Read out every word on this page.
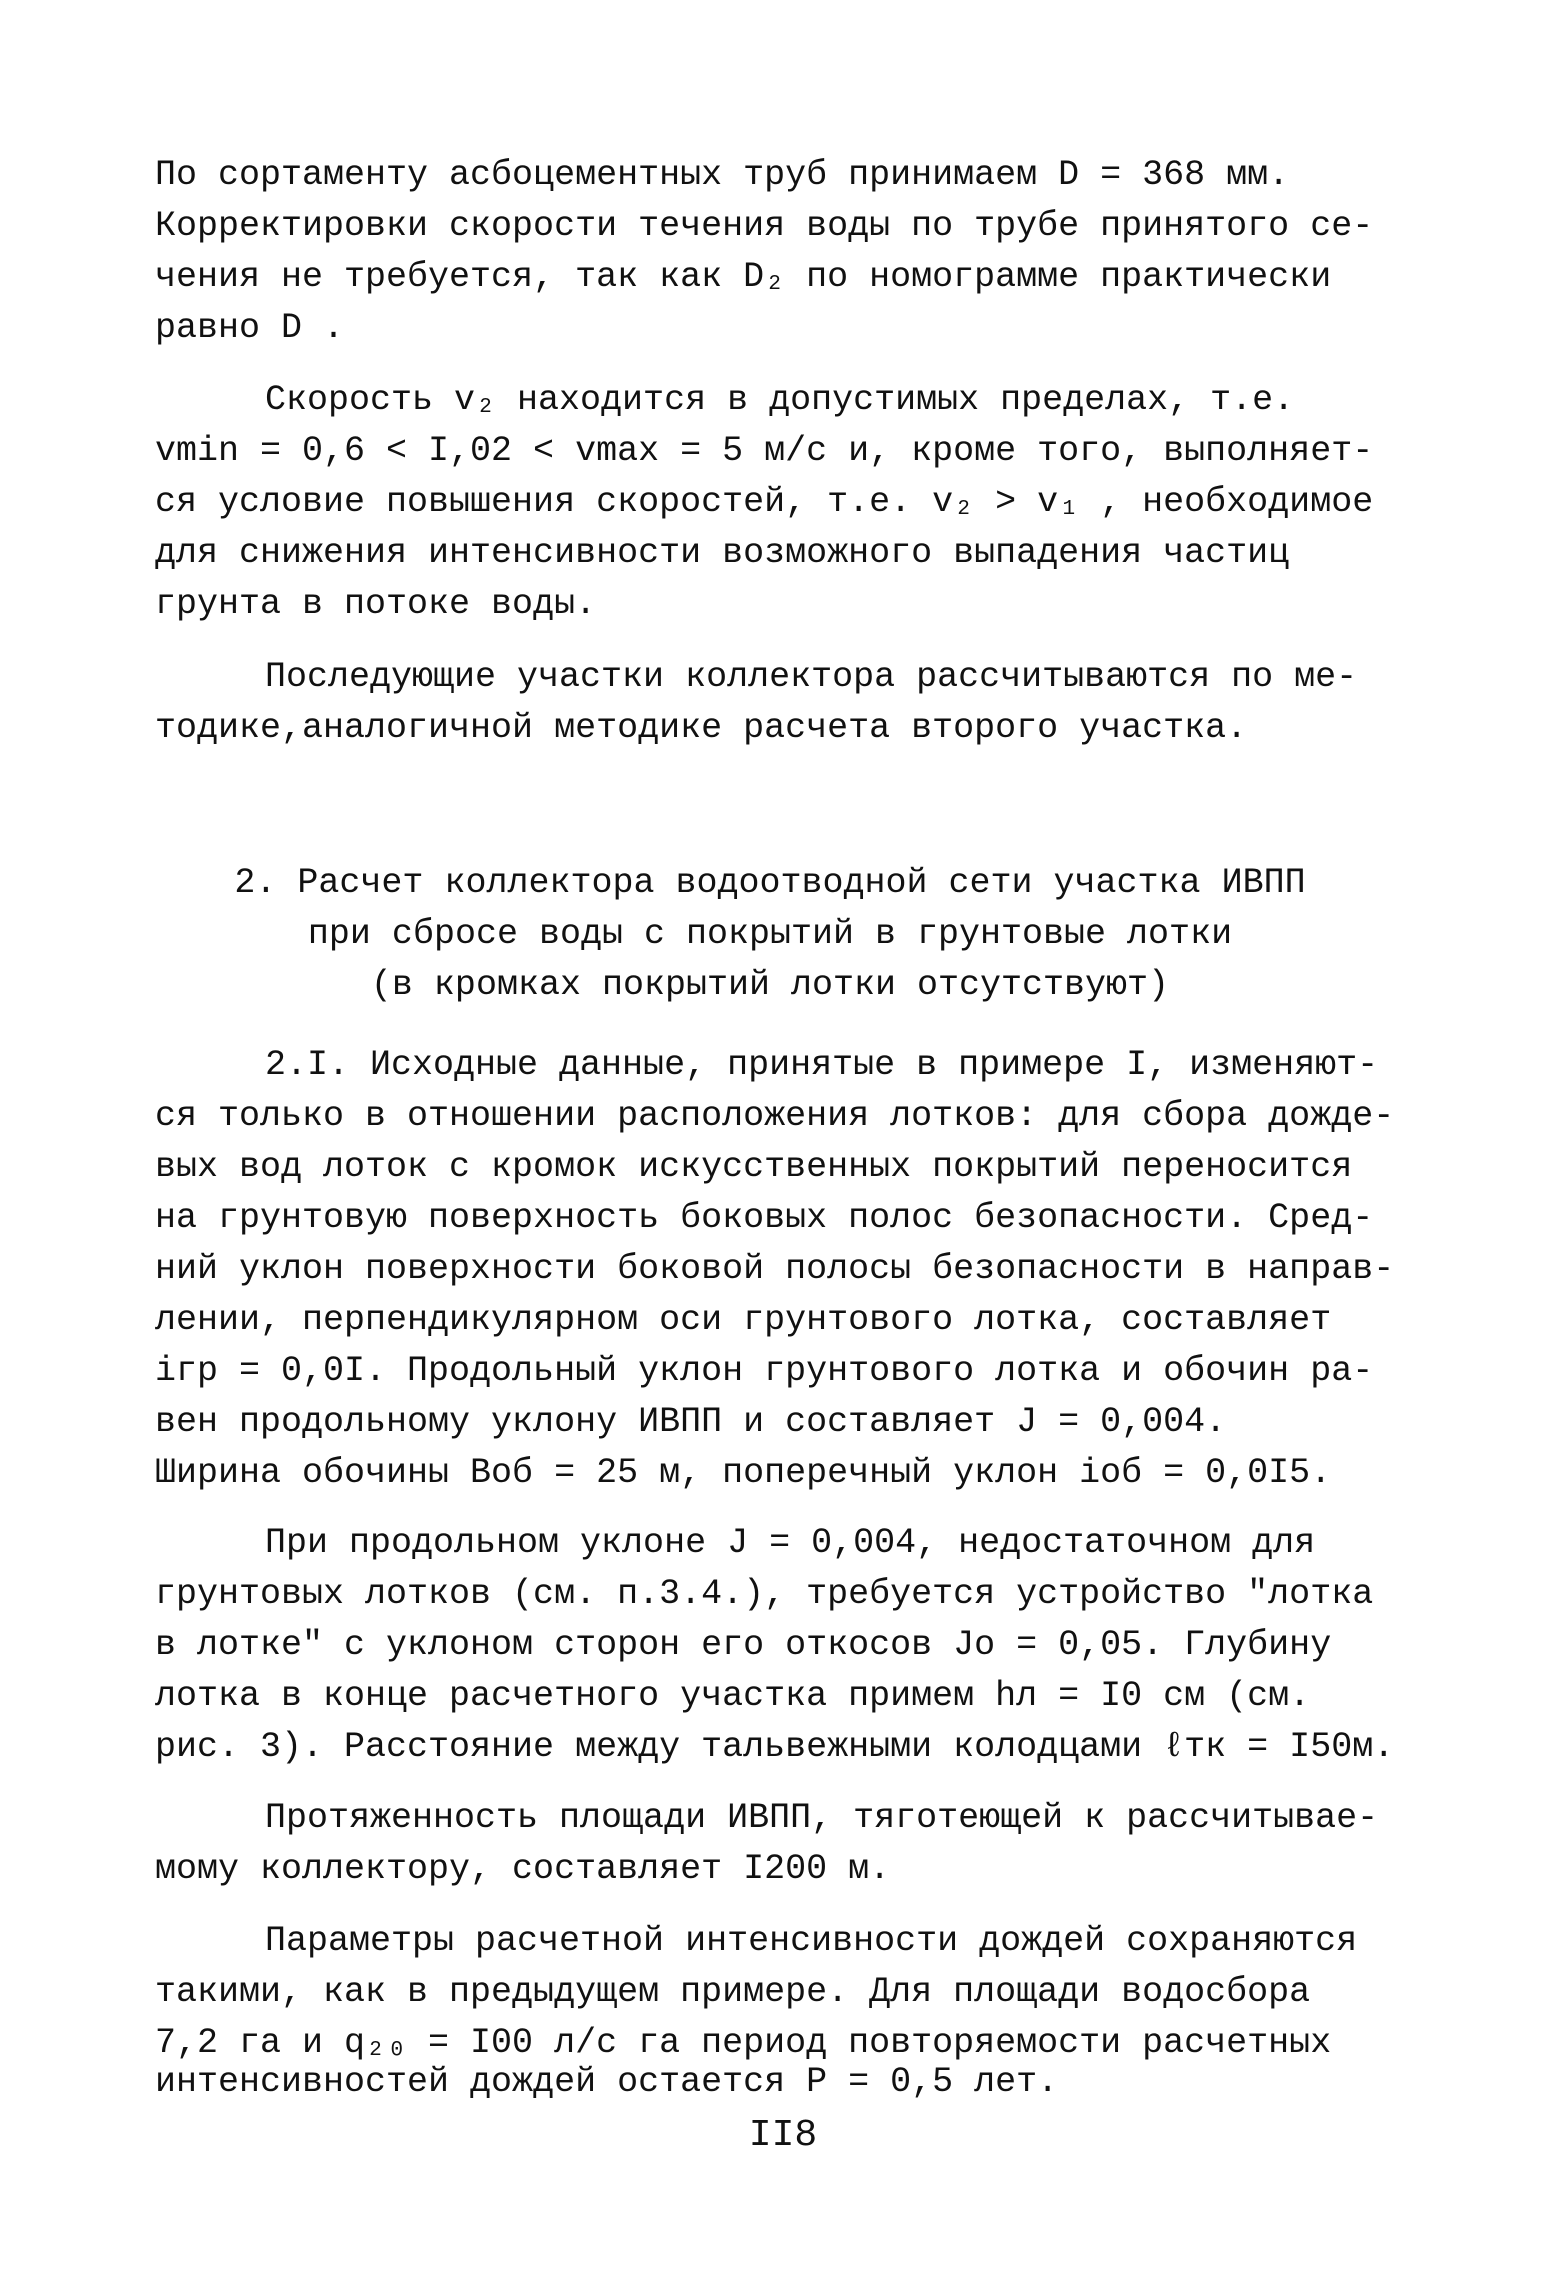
По сортаменту асбоцементных труб принимаем D = 368 мм.
Корректировки скорости течения воды по трубе принятого се-
чения не требуется, так как D₂ по номограмме практически
равно D .
Скорость v₂ находится в допустимых пределах, т.е.
vmin = 0,6 < I,02 < vmax = 5 м/с и, кроме того, выполняет-
ся условие повышения скоростей, т.е. v₂ > v₁ , необходимое
для снижения интенсивности возможного выпадения частиц
грунта в потоке воды.
Последующие участки коллектора рассчитываются по ме-
тодике,аналогичной методике расчета второго участка.
2. Расчет коллектора водоотводной сети участка ИВПП
при сбросе воды с покрытий в грунтовые лотки
(в кромках покрытий лотки отсутствуют)
2.I. Исходные данные, принятые в примере I, изменяют-
ся только в отношении расположения лотков: для сбора дожде-
вых вод лоток с кромок искусственных покрытий переносится
на грунтовую поверхность боковых полос безопасности. Сред-
ний уклон поверхности боковой полосы безопасности в направ-
лении, перпендикулярном оси грунтового лотка, составляет
iгр = 0,0I. Продольный уклон грунтового лотка и обочин ра-
вен продольному уклону ИВПП и составляет J = 0,004.
Ширина обочины Bоб = 25 м, поперечный уклон iоб = 0,0I5.
При продольном уклоне J = 0,004, недостаточном для
грунтовых лотков (см. п.3.4.), требуется устройство "лотка
в лотке" с уклоном сторон его откосов Jо = 0,05. Глубину
лотка в конце расчетного участка примем hл = I0 см (см.
рис. 3). Расстояние между тальвежными колодцами ℓтк = I50м.
Протяженность площади ИВПП, тяготеющей к рассчитывае-
мому коллектору, составляет I200 м.
Параметры расчетной интенсивности дождей сохраняются
такими, как в предыдущем примере. Для площади водосбора
7,2 га и q₂₀ = I00 л/с га период повторяемости расчетных
интенсивностей дождей остается P = 0,5 лет.
II8
